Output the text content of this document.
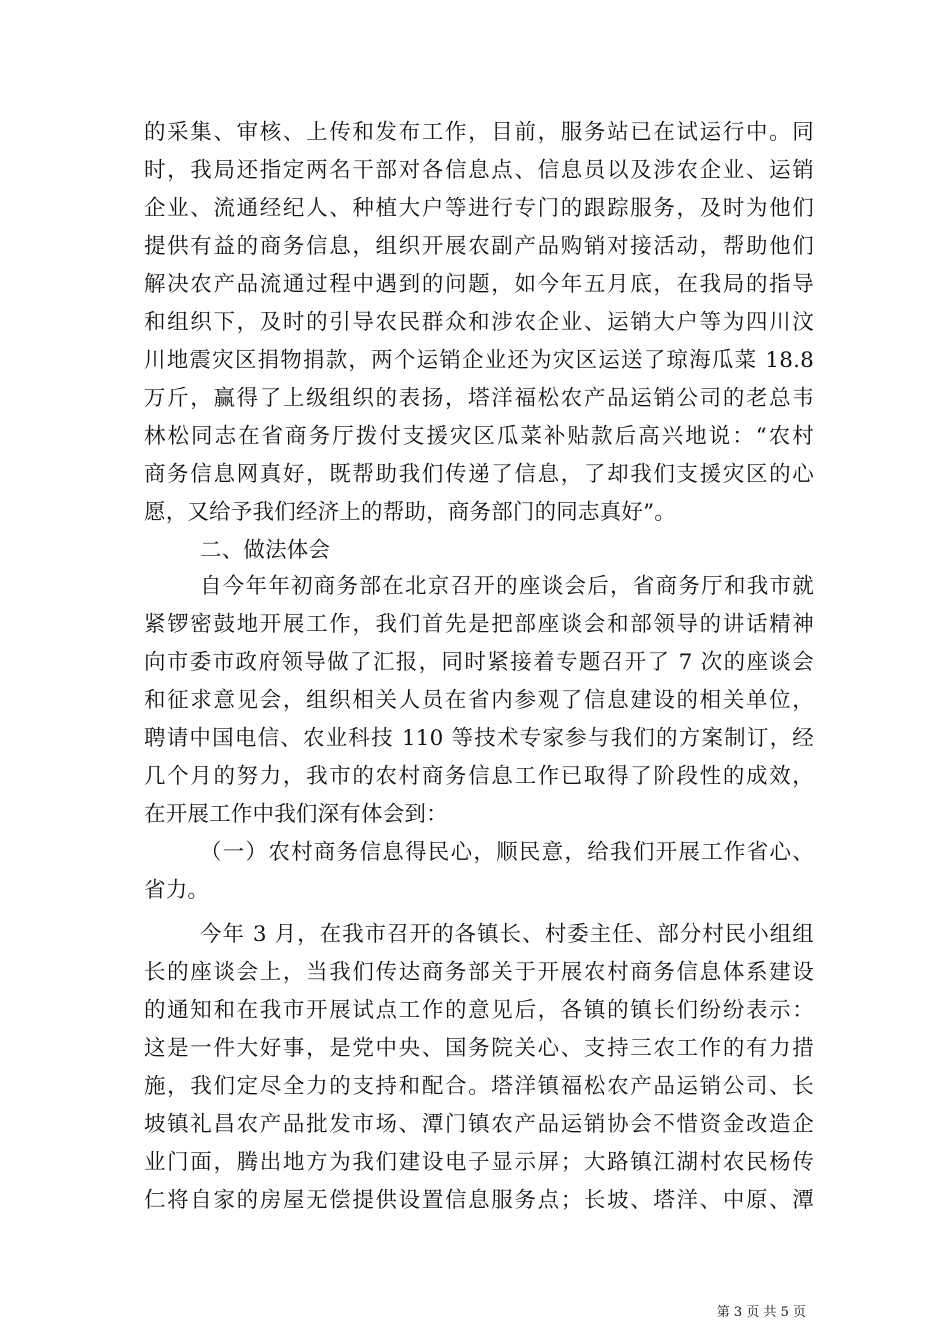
的采集、审核、上传和发布工作，目前，服务站已在试运行中。同
时，我局还指定两名干部对各信息点、信息员以及涉农企业、运销
企业、流通经纪人、种植大户等进行专门的跟踪服务，及时为他们
提供有益的商务信息，组织开展农副产品购销对接活动，帮助他们
解决农产品流通过程中遇到的问题，如今年五月底，在我局的指导
和组织下，及时的引导农民群众和涉农企业、运销大户等为四川汶
川地震灾区捐物捐款，两个运销企业还为灾区运送了琼海瓜菜 18.8
万斤，赢得了上级组织的表扬，塔洋福松农产品运销公司的老总韦
林松同志在省商务厅拨付支援灾区瓜菜补贴款后高兴地说：“农村
商务信息网真好，既帮助我们传递了信息，了却我们支援灾区的心
愿，又给予我们经济上的帮助，商务部门的同志真好”。
二、做法体会
自今年年初商务部在北京召开的座谈会后，省商务厅和我市就
紧锣密鼓地开展工作，我们首先是把部座谈会和部领导的讲话精神
向市委市政府领导做了汇报，同时紧接着专题召开了 7 次的座谈会
和征求意见会，组织相关人员在省内参观了信息建设的相关单位，
聘请中国电信、农业科技 110 等技术专家参与我们的方案制订，经
几个月的努力，我市的农村商务信息工作已取得了阶段性的成效，
在开展工作中我们深有体会到：
（一）农村商务信息得民心，顺民意，给我们开展工作省心、
省力。
今年 3 月，在我市召开的各镇长、村委主任、部分村民小组组
长的座谈会上，当我们传达商务部关于开展农村商务信息体系建设
的通知和在我市开展试点工作的意见后，各镇的镇长们纷纷表示：
这是一件大好事，是党中央、国务院关心、支持三农工作的有力措
施，我们定尽全力的支持和配合。塔洋镇福松农产品运销公司、长
坡镇礼昌农产品批发市场、潭门镇农产品运销协会不惜资金改造企
业门面，腾出地方为我们建设电子显示屏；大路镇江湖村农民杨传
仁将自家的房屋无偿提供设置信息服务点；长坡、塔洋、中原、潭
第 3 页 共 5 页
